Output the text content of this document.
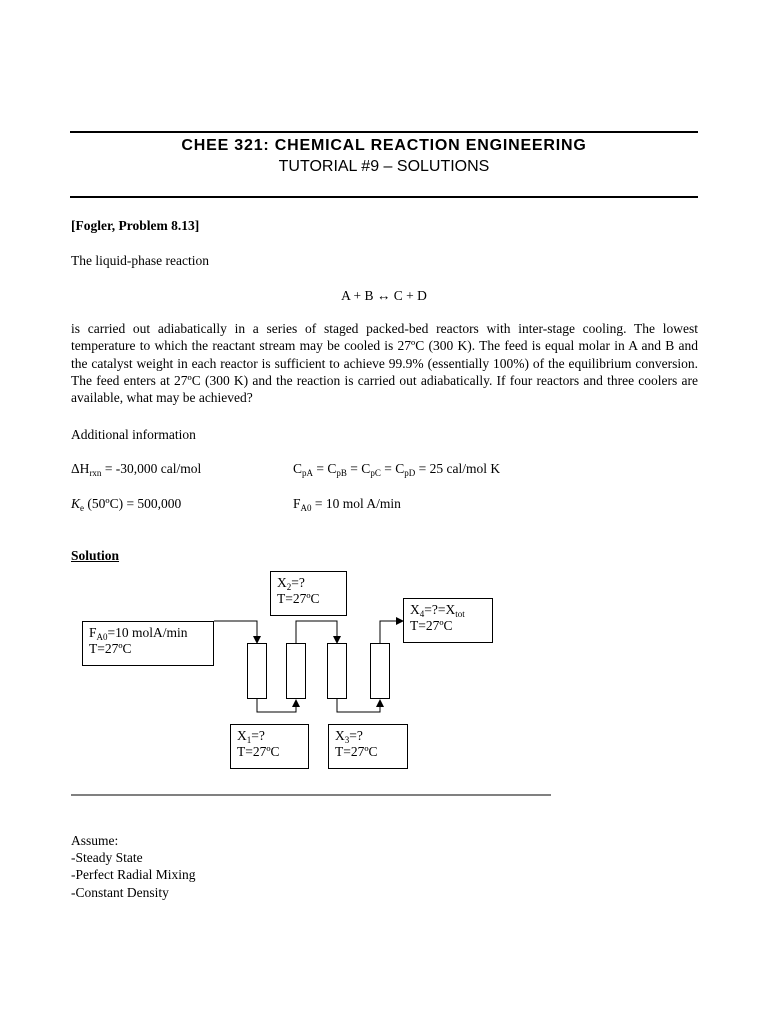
CHEE 321: CHEMICAL REACTION ENGINEERING
TUTORIAL #9 – SOLUTIONS
[Fogler, Problem 8.13]
The liquid-phase reaction
A + B ↔ C + D
is carried out adiabatically in a series of staged packed-bed reactors with inter-stage cooling. The lowest temperature to which the reactant stream may be cooled is 27ºC (300 K). The feed is equal molar in A and B and the catalyst weight in each reactor is sufficient to achieve 99.9% (essentially 100%) of the equilibrium conversion. The feed enters at 27ºC (300 K) and the reaction is carried out adiabatically. If four reactors and three coolers are available, what may be achieved?
Additional information
$\Delta H_{rxn} = -30,000$ cal/mol	$C_{pA} = C_{pB} = C_{pC} = C_{pD} = 25$ cal/mol K
$K_e$ (50ºC) = 500,000	$F_{A0} = 10$ mol A/min
Solution
$F_{A0}=10$ molA/min
T=27ºC
$X_2=$?
T=27ºC
$X_4=?=X_{tot}$
T=27ºC
$X_1=$?
T=27ºC
$X_3=$?
T=27ºC
Assume:
-Steady State
-Perfect Radial Mixing
-Constant Density
